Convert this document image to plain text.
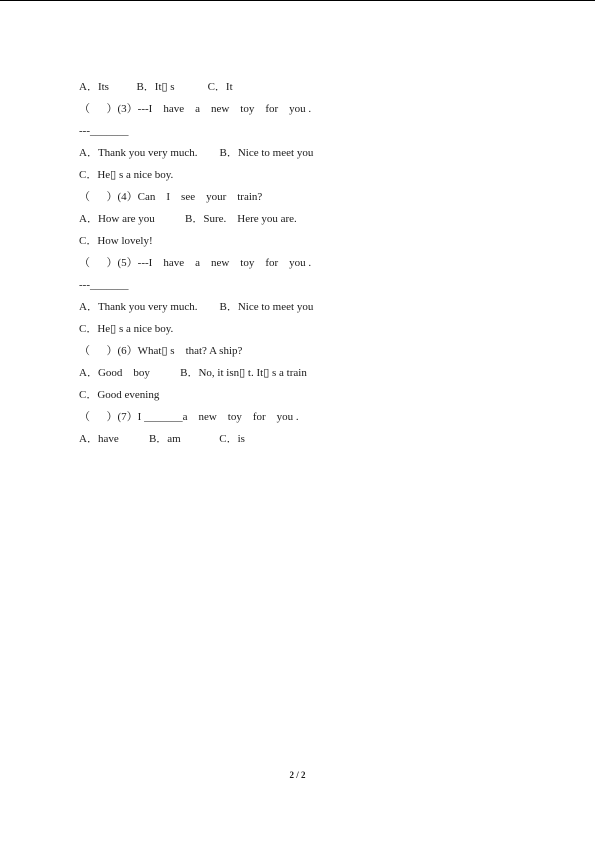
A．Its          B．It▯ s            C．It
（      ）(3）---I    have    a    new    toy    for    you .
---_______
A．Thank you very much.        B．Nice to meet you
C．He▯ s a nice boy.
（      ）(4）Can    I    see    your    train?
A．How are you           B．Sure.    Here you are.
C．How lovely!
（      ）(5）---I    have    a    new    toy    for    you .
---_______
A．Thank you very much.        B．Nice to meet you
C．He▯ s a nice boy.
（      ）(6）What▯ s    that? A ship?
A．Good    boy           B．No, it isn▯ t. It▯ s a train
C．Good evening
（      ）(7）I _______a    new    toy    for    you .
A．have           B．am              C．is
2 / 2
